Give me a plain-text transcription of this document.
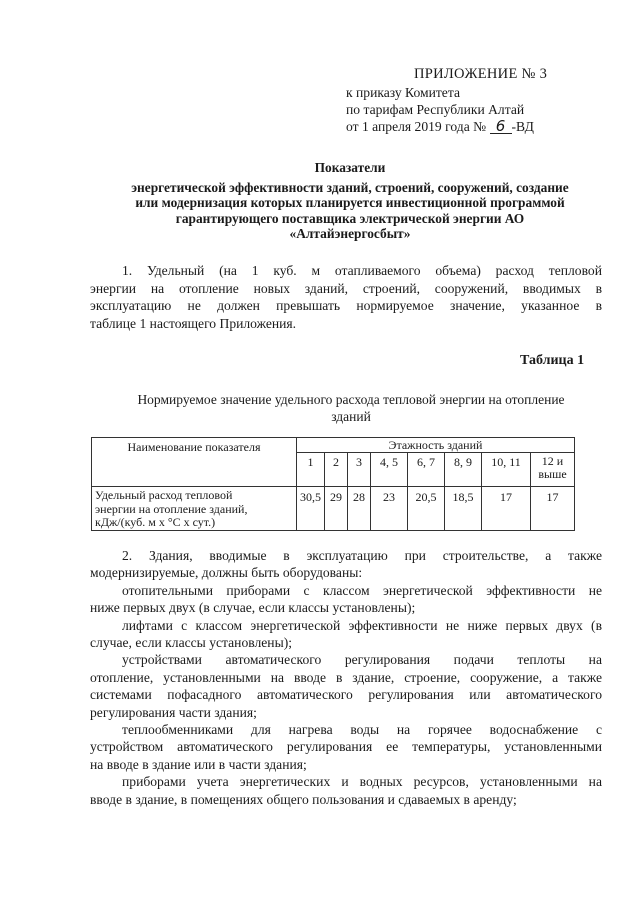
ПРИЛОЖЕНИЕ № 3
к приказу Комитета
по тарифам Республики Алтай
от 1 апреля 2019 года № 6 -ВД
Показатели
энергетической эффективности зданий, строений, сооружений, создание
или модернизация которых планируется инвестиционной программой
гарантирующего поставщика электрической энергии АО
«Алтайэнергосбыт»
1. Удельный (на 1 куб. м отапливаемого объема) расход тепловой
энергии на отопление новых зданий, строений, сооружений, вводимых в
эксплуатацию не должен превышать нормируемое значение, указанное в
таблице 1 настоящего Приложения.
Таблица 1
Нормируемое значение удельного расхода тепловой энергии на отопление
зданий
Наименование показателя	Этажность зданий							
	1	2	3	4, 5	6, 7	8, 9	10, 11	12 и выше

Удельный расход тепловой
энергии на отопление зданий,
кДж/(куб. м х °С х сут.)	30,5	29	28	23	20,5	18,5	17	17
2. Здания, вводимые в эксплуатацию при строительстве, а также
модернизируемые, должны быть оборудованы:
отопительными приборами с классом энергетической эффективности не
ниже первых двух (в случае, если классы установлены);
лифтами с классом энергетической эффективности не ниже первых двух (в
случае, если классы установлены);
устройствами автоматического регулирования подачи теплоты на
отопление, установленными на вводе в здание, строение, сооружение, а также
системами пофасадного автоматического регулирования или автоматического
регулирования части здания;
теплообменниками для нагрева воды на горячее водоснабжение с
устройством автоматического регулирования ее температуры, установленными
на вводе в здание или в части здания;
приборами учета энергетических и водных ресурсов, установленными на
вводе в здание, в помещениях общего пользования и сдаваемых в аренду;
